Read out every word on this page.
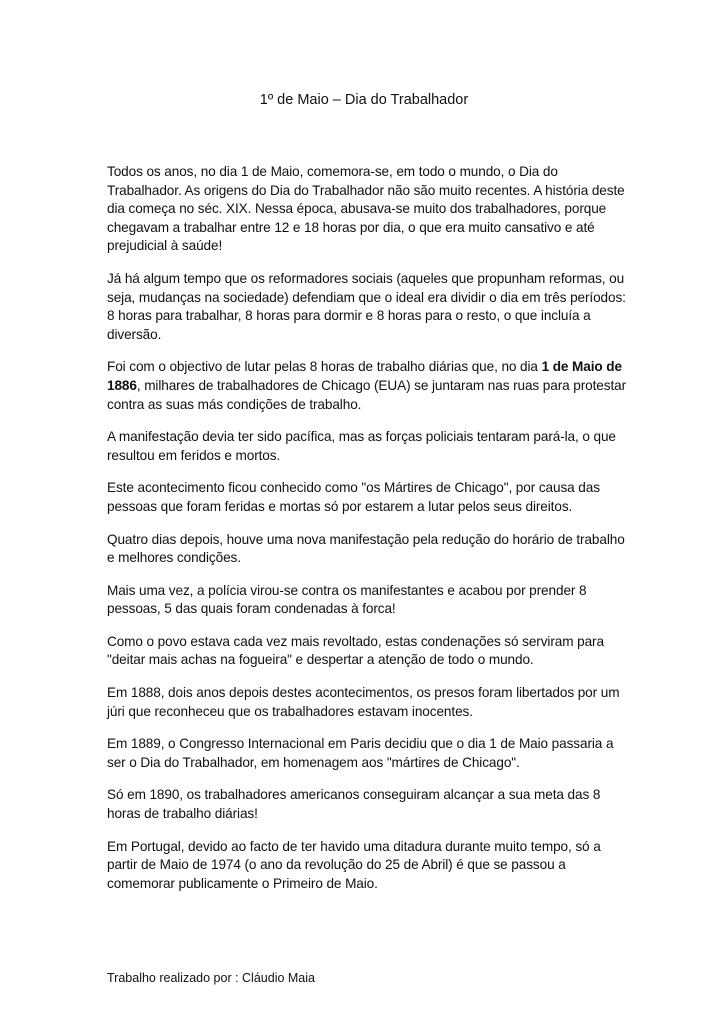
1º de Maio – Dia do Trabalhador

Todos os anos, no dia 1 de Maio, comemora-se, em todo o mundo, o Dia do Trabalhador. As origens do Dia do Trabalhador não são muito recentes. A história deste dia começa no séc. XIX. Nessa época, abusava-se muito dos trabalhadores, porque chegavam a trabalhar entre 12 e 18 horas por dia, o que era muito cansativo e até prejudicial à saúde!

Já há algum tempo que os reformadores sociais (aqueles que propunham reformas, ou seja, mudanças na sociedade) defendiam que o ideal era dividir o dia em três períodos: 8 horas para trabalhar, 8 horas para dormir e 8 horas para o resto, o que incluía a diversão.

Foi com o objectivo de lutar pelas 8 horas de trabalho diárias que, no dia 1 de Maio de 1886, milhares de trabalhadores de Chicago (EUA) se juntaram nas ruas para protestar contra as suas más condições de trabalho.

A manifestação devia ter sido pacífica, mas as forças policiais tentaram pará-la, o que resultou em feridos e mortos.

Este acontecimento ficou conhecido como "os Mártires de Chicago", por causa das pessoas que foram feridas e mortas só por estarem a lutar pelos seus direitos.

Quatro dias depois, houve uma nova manifestação pela redução do horário de trabalho e melhores condições.

Mais uma vez, a polícia virou-se contra os manifestantes e acabou por prender 8 pessoas, 5 das quais foram condenadas à forca!

Como o povo estava cada vez mais revoltado, estas condenações só serviram para "deitar mais achas na fogueira" e despertar a atenção de todo o mundo.

Em 1888, dois anos depois destes acontecimentos, os presos foram libertados por um júri que reconheceu que os trabalhadores estavam inocentes.

Em 1889, o Congresso Internacional em Paris decidiu que o dia 1 de Maio passaria a ser o Dia do Trabalhador, em homenagem aos "mártires de Chicago".

Só em 1890, os trabalhadores americanos conseguiram alcançar a sua meta das 8 horas de trabalho diárias!

Em Portugal, devido ao facto de ter havido uma ditadura durante muito tempo, só a partir de Maio de 1974 (o ano da revolução do 25 de Abril) é que se passou a comemorar publicamente o Primeiro de Maio.

Trabalho realizado por : Cláudio Maia
